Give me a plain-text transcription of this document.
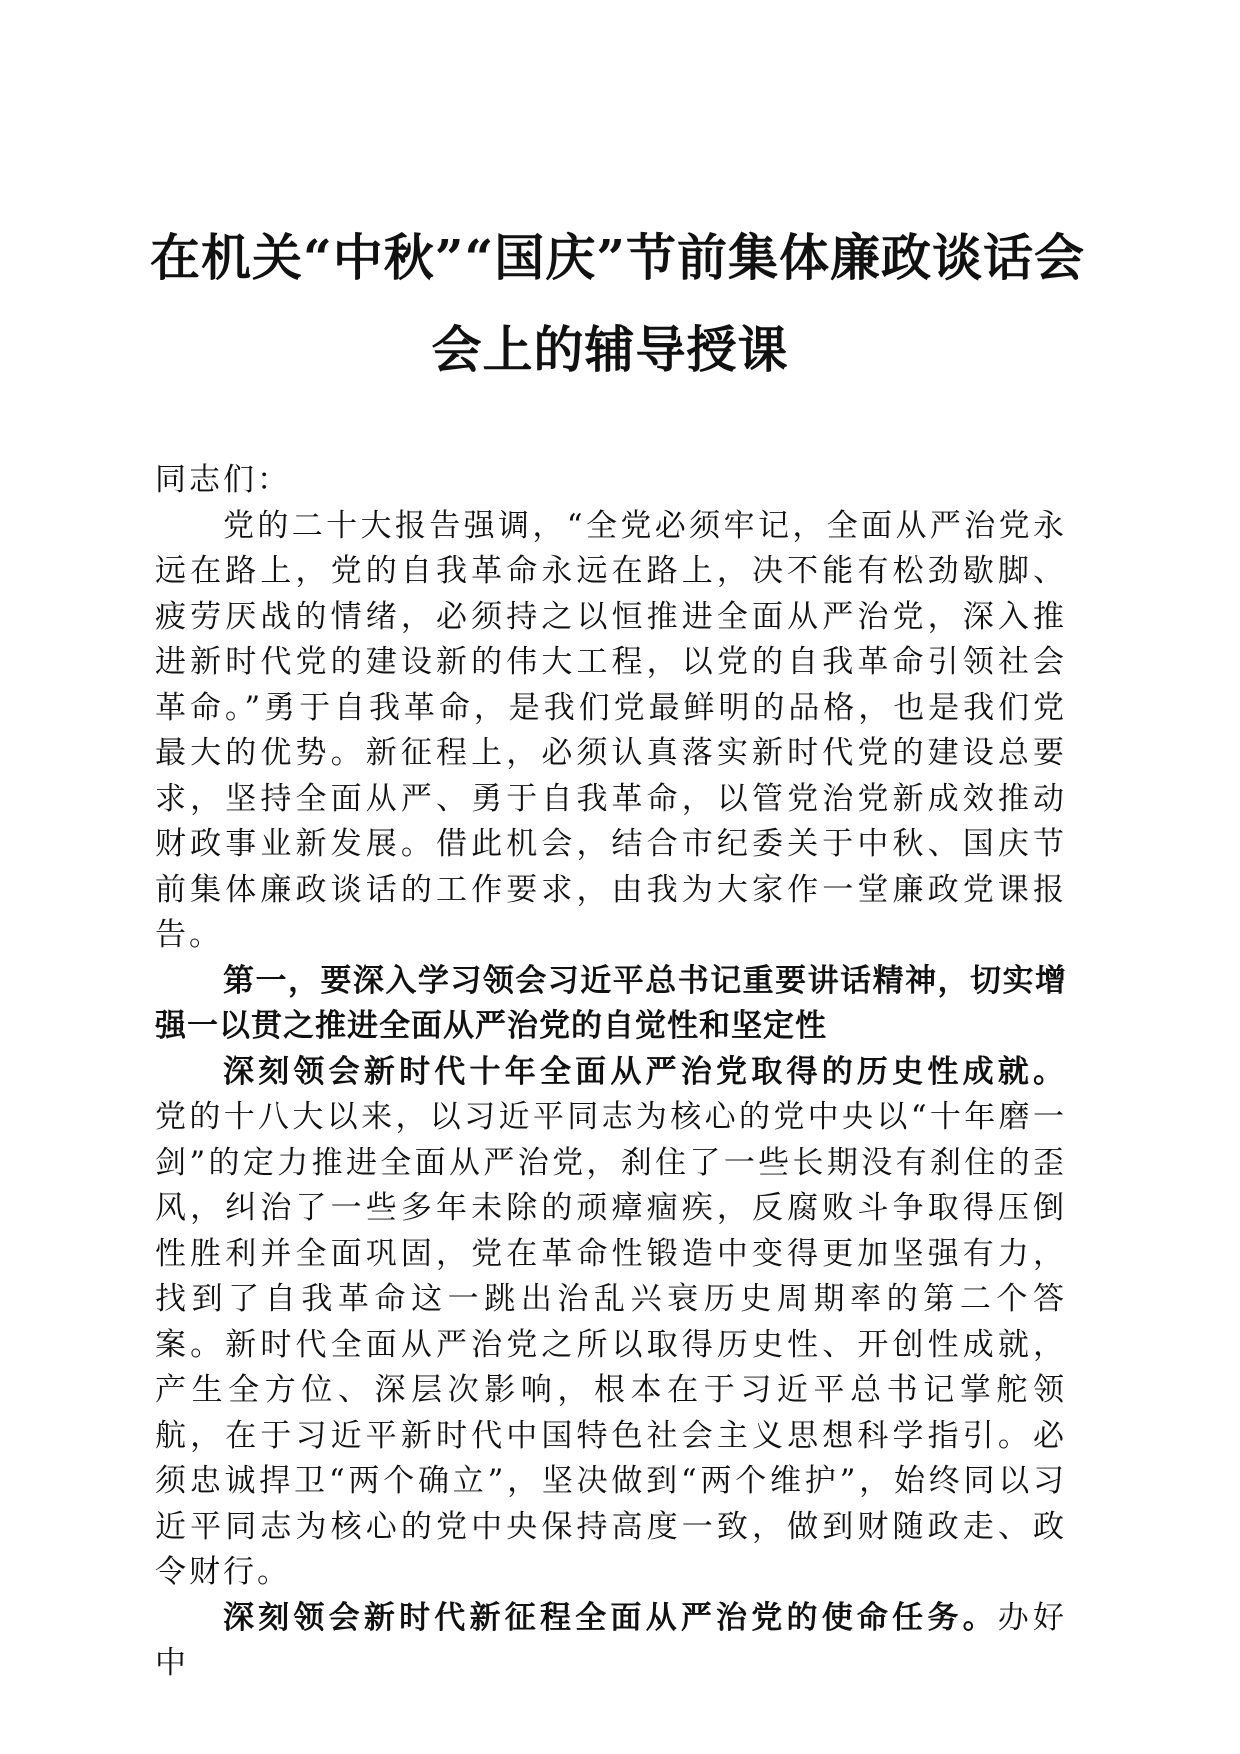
在机关“中秋”“国庆”节前集体廉政谈话会
会上的辅导授课

同志们：

党的二十大报告强调，“全党必须牢记，全面从严治党永远在路上，党的自我革命永远在路上，决不能有松劲歇脚、疲劳厌战的情绪，必须持之以恒推进全面从严治党，深入推进新时代党的建设新的伟大工程，以党的自我革命引领社会革命。”勇于自我革命，是我们党最鲜明的品格，也是我们党最大的优势。新征程上，必须认真落实新时代党的建设总要求，坚持全面从严、勇于自我革命，以管党治党新成效推动财政事业新发展。借此机会，结合市纪委关于中秋、国庆节前集体廉政谈话的工作要求，由我为大家作一堂廉政党课报告。

第一，要深入学习领会习近平总书记重要讲话精神，切实增强一以贯之推进全面从严治党的自觉性和坚定性

深刻领会新时代十年全面从严治党取得的历史性成就。党的十八大以来，以习近平同志为核心的党中央以“十年磨一剑”的定力推进全面从严治党，刹住了一些长期没有刹住的歪风，纠治了一些多年未除的顽瘴痼疾，反腐败斗争取得压倒性胜利并全面巩固，党在革命性锻造中变得更加坚强有力，找到了自我革命这一跳出治乱兴衰历史周期率的第二个答案。新时代全面从严治党之所以取得历史性、开创性成就，产生全方位、深层次影响，根本在于习近平总书记掌舵领航，在于习近平新时代中国特色社会主义思想科学指引。必须忠诚捍卫“两个确立”，坚决做到“两个维护”，始终同以习近平同志为核心的党中央保持高度一致，做到财随政走、政令财行。

深刻领会新时代新征程全面从严治党的使命任务。办好中
